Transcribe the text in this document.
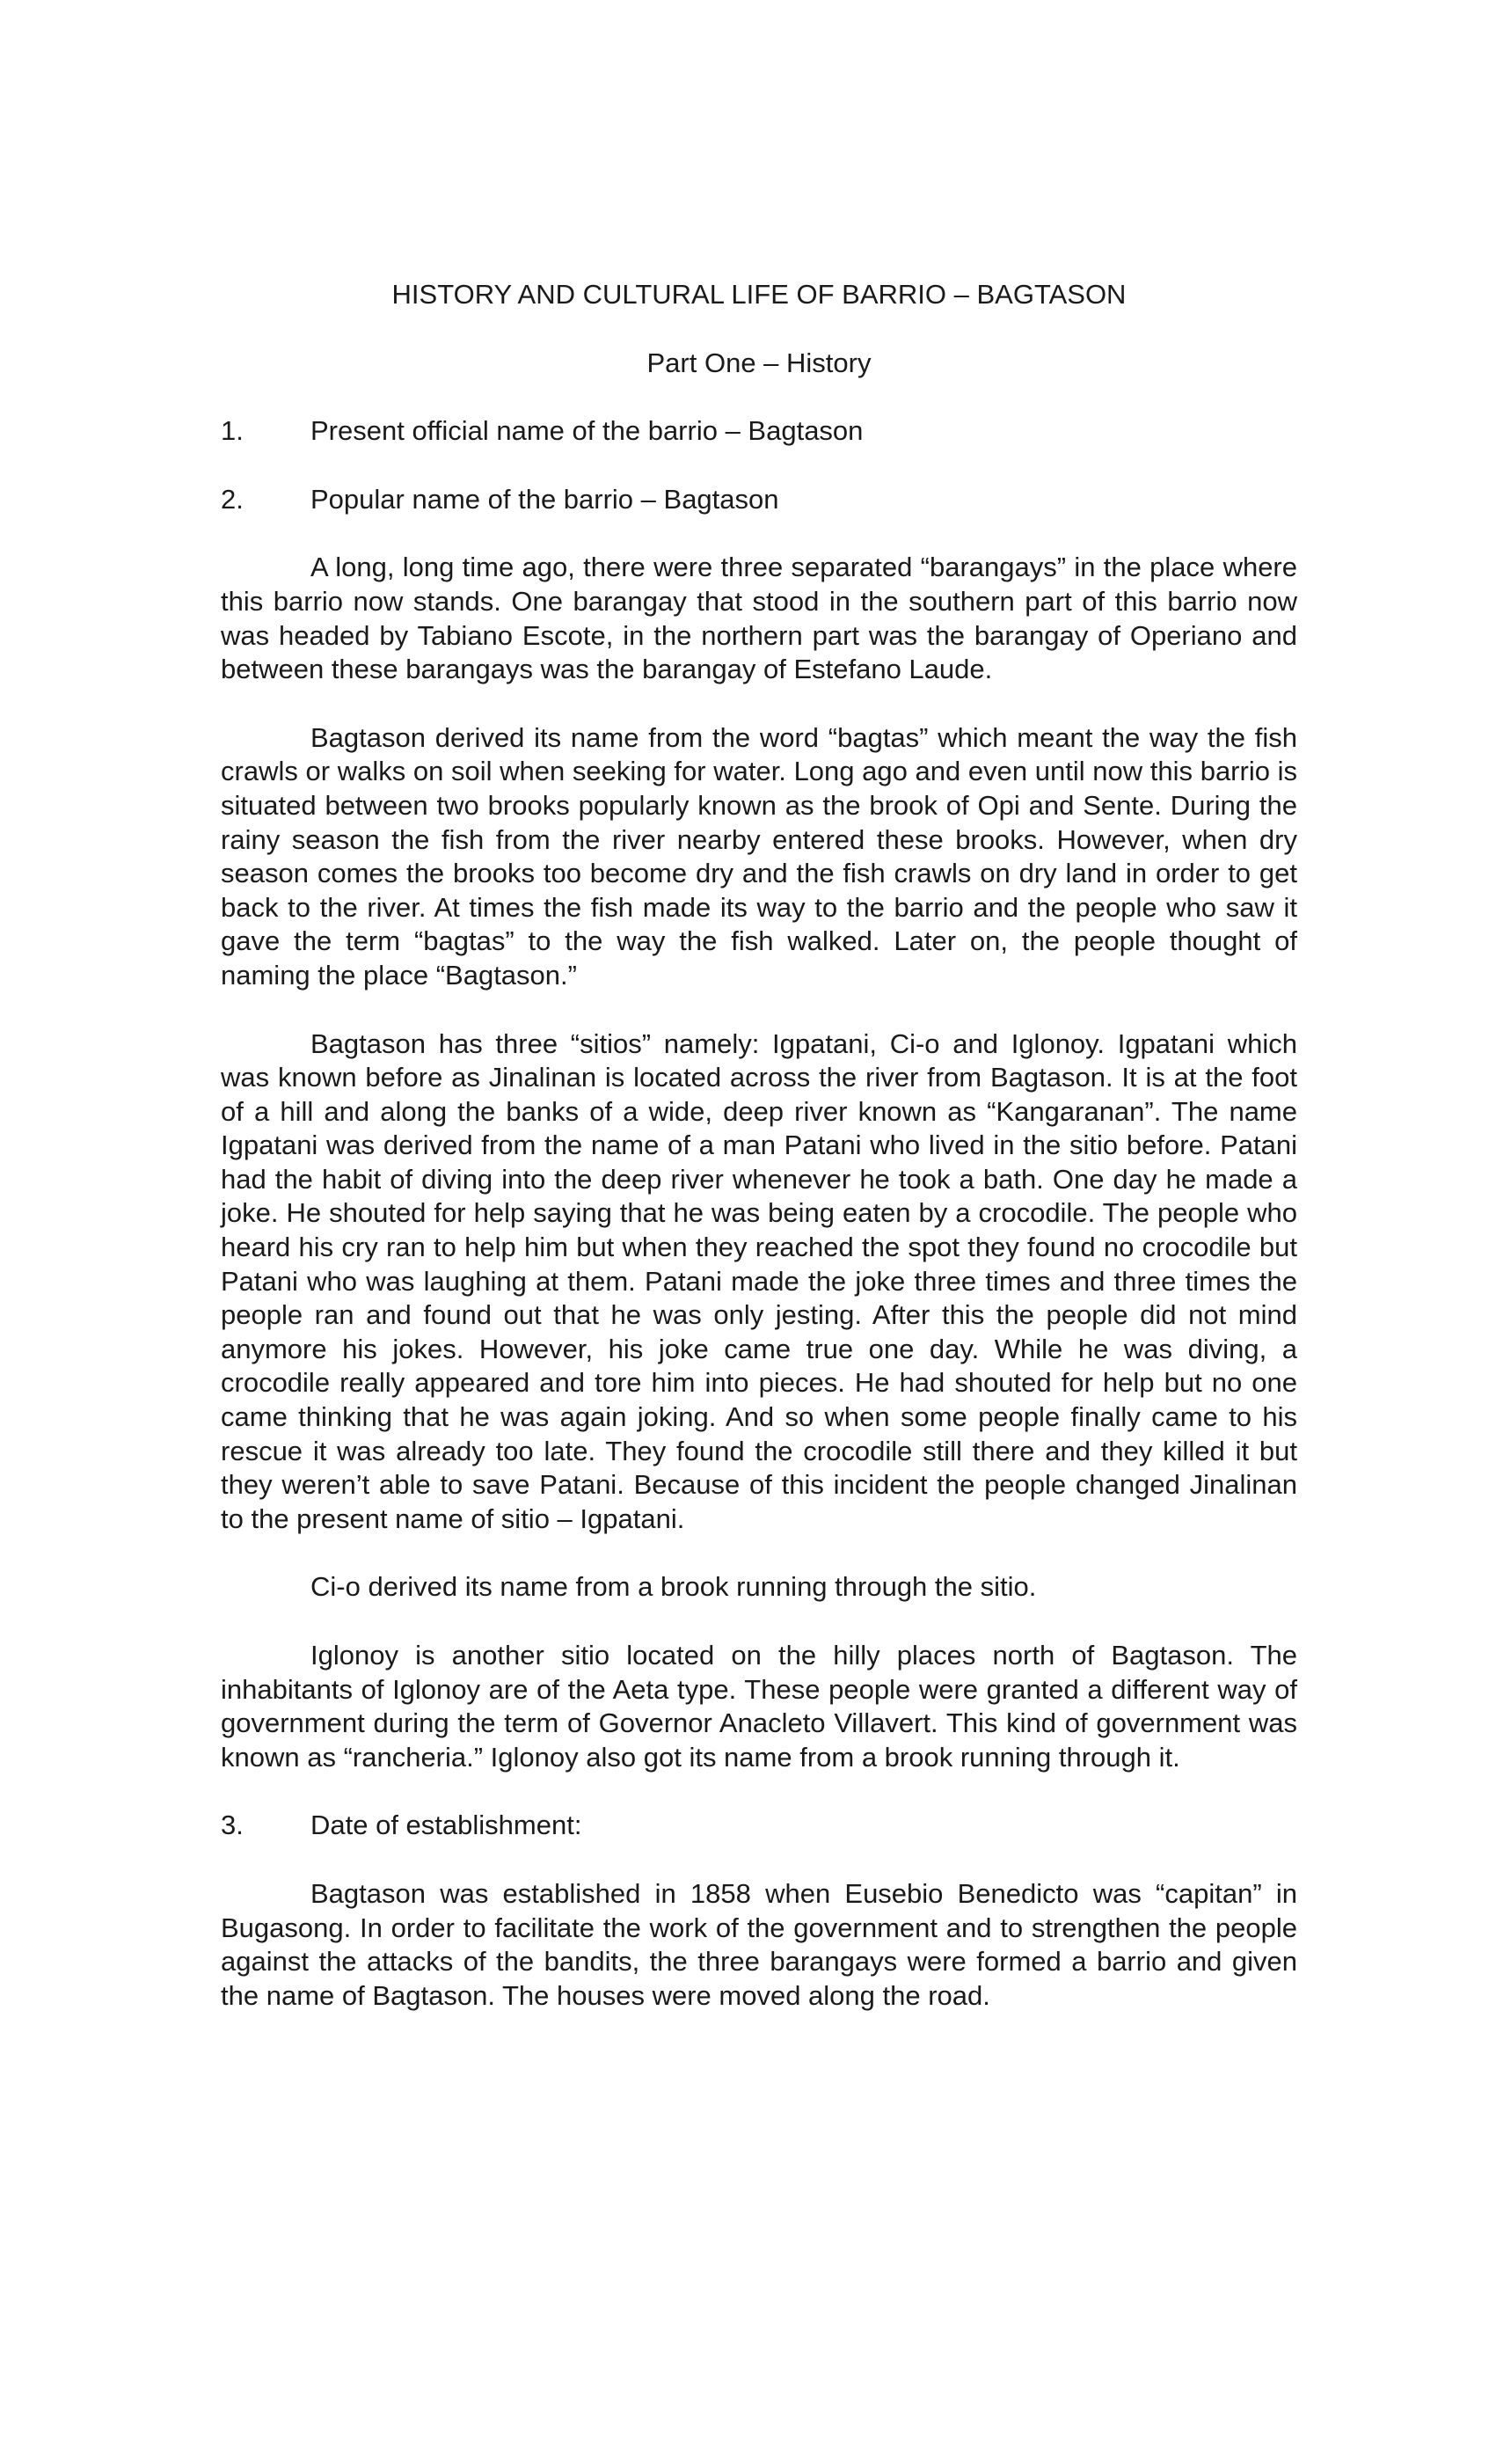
HISTORY AND CULTURAL LIFE OF BARRIO – BAGTASON
Part One – History
1.	Present official name of the barrio – Bagtason
2.	Popular name of the barrio – Bagtason

A long, long time ago, there were three separated “barangays” in the place where this barrio now stands. One barangay that stood in the southern part of this barrio now was headed by Tabiano Escote, in the northern part was the barangay of Operiano and between these barangays was the barangay of Estefano Laude.

Bagtason derived its name from the word “bagtas” which meant the way the fish crawls or walks on soil when seeking for water. Long ago and even until now this barrio is situated between two brooks popularly known as the brook of Opi and Sente. During the rainy season the fish from the river nearby entered these brooks. However, when dry season comes the brooks too become dry and the fish crawls on dry land in order to get back to the river. At times the fish made its way to the barrio and the people who saw it gave the term “bagtas” to the way the fish walked. Later on, the people thought of naming the place “Bagtason.”

Bagtason has three “sitios” namely: Igpatani, Ci-o and Iglonoy. Igpatani which was known before as Jinalinan is located across the river from Bagtason. It is at the foot of a hill and along the banks of a wide, deep river known as “Kangaranan”. The name Igpatani was derived from the name of a man Patani who lived in the sitio before. Patani had the habit of diving into the deep river whenever he took a bath. One day he made a joke. He shouted for help saying that he was being eaten by a crocodile. The people who heard his cry ran to help him but when they reached the spot they found no crocodile but Patani who was laughing at them. Patani made the joke three times and three times the people ran and found out that he was only jesting. After this the people did not mind anymore his jokes. However, his joke came true one day. While he was diving, a crocodile really appeared and tore him into pieces. He had shouted for help but no one came thinking that he was again joking. And so when some people finally came to his rescue it was already too late. They found the crocodile still there and they killed it but they weren’t able to save Patani. Because of this incident the people changed Jinalinan to the present name of sitio – Igpatani.

Ci-o derived its name from a brook running through the sitio.

Iglonoy is another sitio located on the hilly places north of Bagtason. The inhabitants of Iglonoy are of the Aeta type. These people were granted a different way of government during the term of Governor Anacleto Villavert. This kind of government was known as “rancheria.” Iglonoy also got its name from a brook running through it.

3.	Date of establishment:

Bagtason was established in 1858 when Eusebio Benedicto was “capitan” in Bugasong. In order to facilitate the work of the government and to strengthen the people against the attacks of the bandits, the three barangays were formed a barrio and given the name of Bagtason. The houses were moved along the road.
